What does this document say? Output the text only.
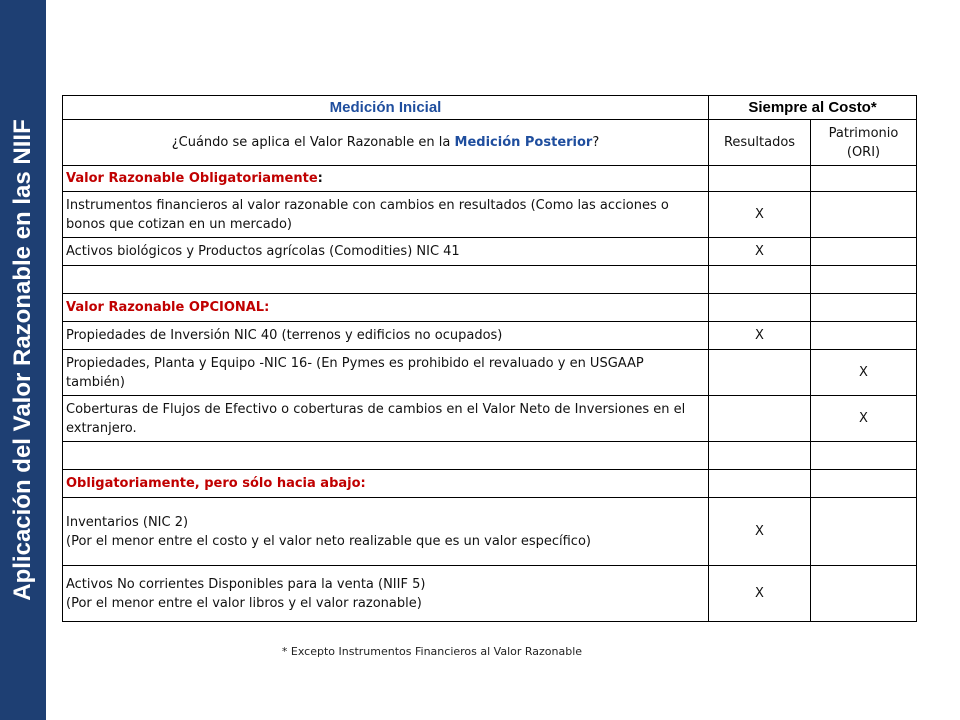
Aplicación del Valor Razonable en las NIIF
Medición Inicial	Siempre al Costo*	
¿Cuándo se aplica el Valor Razonable en la Medición Posterior?	Resultados	Patrimonio (ORI)
Valor Razonable Obligatoriamente:		
Instrumentos financieros al valor razonable con cambios en resultados (Como las acciones o bonos que cotizan en un mercado)	X	
Activos biológicos y Productos agrícolas (Comodities) NIC 41	X	

Valor Razonable OPCIONAL:		
Propiedades de Inversión NIC 40 (terrenos y edificios no ocupados)	X	
Propiedades, Planta y Equipo -NIC 16- (En Pymes es prohibido el revaluado y en USGAAP también)		X
Coberturas de Flujos de Efectivo o coberturas de cambios en el Valor Neto de Inversiones en el extranjero.		X

Obligatoriamente, pero sólo hacia abajo:		

Inventarios (NIC 2)
(Por el menor entre el costo y el valor neto realizable que es un valor específico)	X	

Activos No corrientes Disponibles para la venta (NIIF 5)
(Por el menor entre el valor libros y el valor razonable)	X	
* Excepto Instrumentos Financieros al Valor Razonable
